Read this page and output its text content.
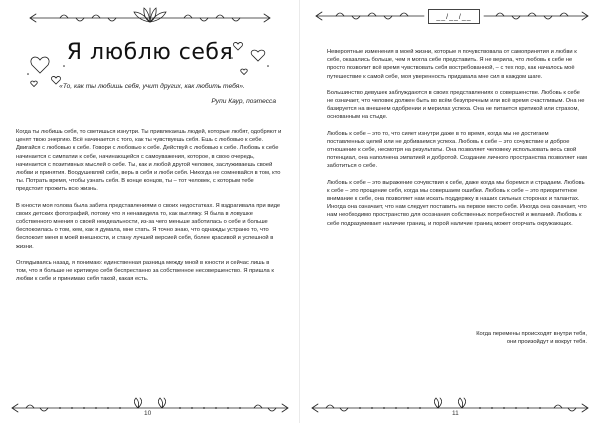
Я люблю себя
«То, как ты любишь себя, учит других, как любить тебя».
Рупи Каур, поэтесса

Когда ты любишь себя, то светишься изнутри. Ты привлекаешь людей, которые любят, одобряют и ценят твою энергию. Всё начинается с того, как ты чувствуешь себя. Ешь с любовью к себе. Двигайся с любовью к себе. Говори с любовью к себе. Действуй с любовью к себе. Любовь к себе начинается с симпатии к себе, начинающейся с самоуважения, которое, в свою очередь, начинается с позитивных мыслей о себе. Ты, как и любой другой человек, заслуживаешь своей любви и принятия. Воодушевляй себя, верь в себя и люби себя. Никогда не сомневайся в том, кто ты. Потрать время, чтобы узнать себя. В конце концов, ты – тот человек, с которым тебе предстоит прожить всю жизнь.

В юности моя голова была забита представлениями о своих недостатках. Я вздрагивала при виде своих детских фотографий, потому что я ненавидела то, как выгляжу. Я была в ловушке собственного мнения о своей неидеальности, из-за чего меньше заботилась о себе и больше беспокоилась о том, кем, как я думала, мне стать. Я точно знаю, что однажды устраню то, что беспокоит меня в моей внешности, и стану лучшей версией себя, более красивой и успешной в жизни.

Оглядываясь назад, я понимаю: единственная разница между мной в юности и сейчас лишь в том, что я больше не критикую себя беспрестанно за собственное несовершенство. Я пришла к любви к себе и принимаю себя такой, какая есть.

10
__/__/__

Невероятные изменения в моей жизни, которые я почувствовала от самопринятия и любви к себе, оказались больше, чем я могла себе представить. Я не верила, что любовь к себе не просто позволит всё время чувствовать себя востребованной, – с тех пор, как началось моё путешествие к самой себе, моя уверенность придавала мне сил в каждом шаге.

Большинство девушек заблуждаются в своих представлениях о совершенстве. Любовь к себе не означает, что человек должен быть во всём безупречным или всё время счастливым. Она не базируется на внешнем одобрении и мерилах успеха. Она не питается критикой или страхом, основанным на стыде.

Любовь к себе – это то, что сияет изнутри даже в то время, когда мы не достигаем поставленных целей или не добиваемся успеха. Любовь к себе – это сочувствие и доброе отношение к себе, несмотря на результаты. Она позволяет человеку использовать весь свой потенциал, она наполнена эмпатией и добротой. Создание личного пространства позволяет нам заботиться о себе.

Любовь к себе – это выражение сочувствия к себе, даже когда мы боремся и страдаем. Любовь к себе – это прощение себя, когда мы совершаем ошибки. Любовь к себе – это приоритетное внимание к себе, она позволяет нам искать поддержку в наших сильных сторонах и талантах. Иногда она означает, что нам следует поставить на первое место себя. Иногда она означает, что нам необходимо пространство для осознания собственных потребностей и желаний. Любовь к себе подразумевает наличие границ, и порой наличие границ может огорчать окружающих.

Когда перемены происходят внутри тебя,
они произойдут и вокруг тебя.
11
